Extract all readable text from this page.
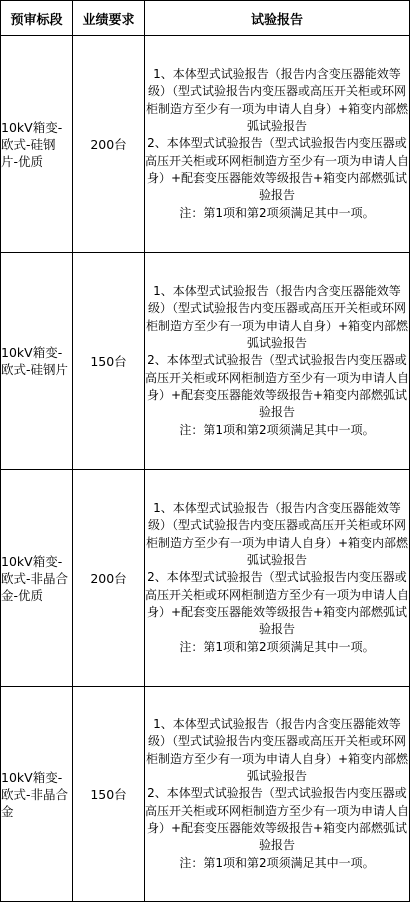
预审标段	业绩要求	试验报告
10kV箱变-欧式-硅钢片-优质	200台	1、本体型式试验报告（报告内含变压器能效等级）（型式试验报告内变压器或高压开关柜或环网柜制造方至少有一项为申请人自身）+箱变内部燃弧试验报告

2、本体型式试验报告（型式试验报告内变压器或高压开关柜或环网柜制造方至少有一项为申请人自身）+配套变压器能效等级报告+箱变内部燃弧试验报告

注：第1项和第2项须满足其中一项。

10kV箱变-欧式-硅钢片	150台	1、本体型式试验报告（报告内含变压器能效等级）（型式试验报告内变压器或高压开关柜或环网柜制造方至少有一项为申请人自身）+箱变内部燃弧试验报告

2、本体型式试验报告（型式试验报告内变压器或高压开关柜或环网柜制造方至少有一项为申请人自身）+配套变压器能效等级报告+箱变内部燃弧试验报告

注：第1项和第2项须满足其中一项。

10kV箱变-欧式-非晶合金-优质	200台	1、本体型式试验报告（报告内含变压器能效等级）（型式试验报告内变压器或高压开关柜或环网柜制造方至少有一项为申请人自身）+箱变内部燃弧试验报告

2、本体型式试验报告（型式试验报告内变压器或高压开关柜或环网柜制造方至少有一项为申请人自身）+配套变压器能效等级报告+箱变内部燃弧试验报告

注：第1项和第2项须满足其中一项。

10kV箱变-欧式-非晶合金	150台	1、本体型式试验报告（报告内含变压器能效等级）（型式试验报告内变压器或高压开关柜或环网柜制造方至少有一项为申请人自身）+箱变内部燃弧试验报告

2、本体型式试验报告（型式试验报告内变压器或高压开关柜或环网柜制造方至少有一项为申请人自身）+配套变压器能效等级报告+箱变内部燃弧试验报告

注：第1项和第2项须满足其中一项。
